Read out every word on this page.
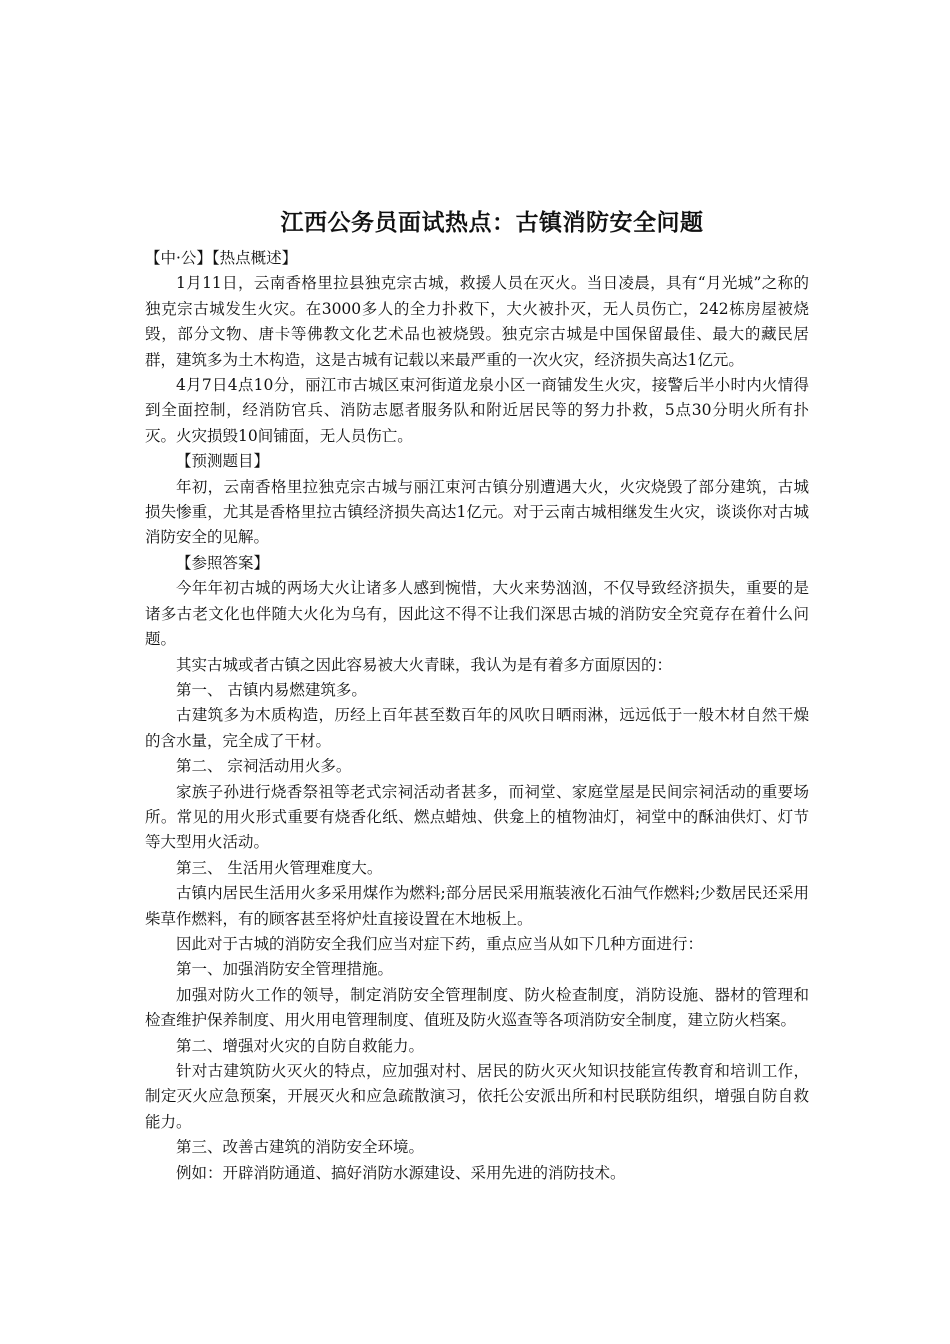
江西公务员面试热点：古镇消防安全问题

【中·公】【热点概述】

1月11日，云南香格里拉县独克宗古城，救援人员在灭火。当日凌晨，具有“月光城”之称的独克宗古城发生火灾。在3000多人的全力扑救下，大火被扑灭，无人员伤亡，242栋房屋被烧毁，部分文物、唐卡等佛教文化艺术品也被烧毁。独克宗古城是中国保留最佳、最大的藏民居群，建筑多为土木构造，这是古城有记载以来最严重的一次火灾，经济损失高达1亿元。

4月7日4点10分，丽江市古城区束河街道龙泉小区一商铺发生火灾，接警后半小时内火情得到全面控制，经消防官兵、消防志愿者服务队和附近居民等的努力扑救，5点30分明火所有扑灭。火灾损毁10间铺面，无人员伤亡。

【预测题目】

年初，云南香格里拉独克宗古城与丽江束河古镇分别遭遇大火，火灾烧毁了部分建筑，古城损失惨重，尤其是香格里拉古镇经济损失高达1亿元。对于云南古城相继发生火灾，谈谈你对古城消防安全的见解。

【参照答案】

今年年初古城的两场大火让诸多人感到惋惜，大火来势汹汹，不仅导致经济损失，重要的是诸多古老文化也伴随大火化为乌有，因此这不得不让我们深思古城的消防安全究竟存在着什么问题。

其实古城或者古镇之因此容易被大火青睐，我认为是有着多方面原因的：

第一、 古镇内易燃建筑多。

古建筑多为木质构造，历经上百年甚至数百年的风吹日晒雨淋，远远低于一般木材自然干燥的含水量，完全成了干材。

第二、 宗祠活动用火多。

家族子孙进行烧香祭祖等老式宗祠活动者甚多，而祠堂、家庭堂屋是民间宗祠活动的重要场所。常见的用火形式重要有烧香化纸、燃点蜡烛、供龛上的植物油灯，祠堂中的酥油供灯、灯节等大型用火活动。

第三、 生活用火管理难度大。

古镇内居民生活用火多采用煤作为燃料;部分居民采用瓶装液化石油气作燃料;少数居民还采用柴草作燃料，有的顾客甚至将炉灶直接设置在木地板上。

因此对于古城的消防安全我们应当对症下药，重点应当从如下几种方面进行：

第一、加强消防安全管理措施。

加强对防火工作的领导，制定消防安全管理制度、防火检查制度，消防设施、器材的管理和检查维护保养制度、用火用电管理制度、值班及防火巡查等各项消防安全制度，建立防火档案。

第二、增强对火灾的自防自救能力。

针对古建筑防火灭火的特点，应加强对村、居民的防火灭火知识技能宣传教育和培训工作，制定灭火应急预案，开展灭火和应急疏散演习，依托公安派出所和村民联防组织，增强自防自救能力。

第三、改善古建筑的消防安全环境。

例如：开辟消防通道、搞好消防水源建设、采用先进的消防技术。
